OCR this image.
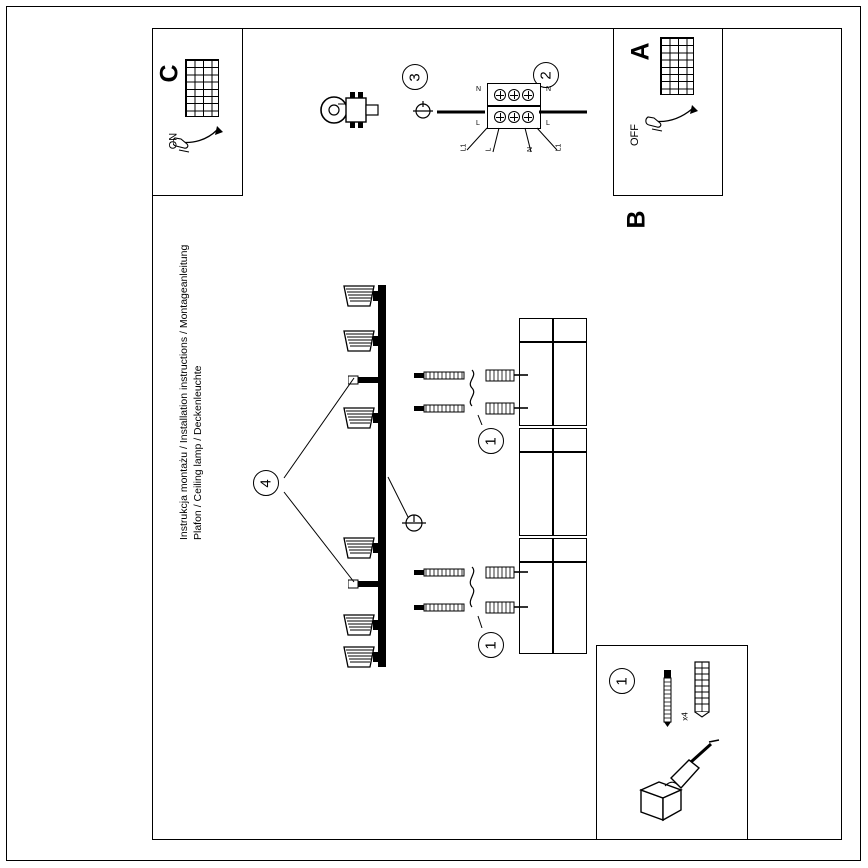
Instrukcja montażu / Installation instructions / Montageanleitung Plafon / Ceiling lamp / Deckenleuchte
C
ON
A
OFF
B
3	2
N
L
N
L
L1	L	N	L1
4
1
1
1
x4
